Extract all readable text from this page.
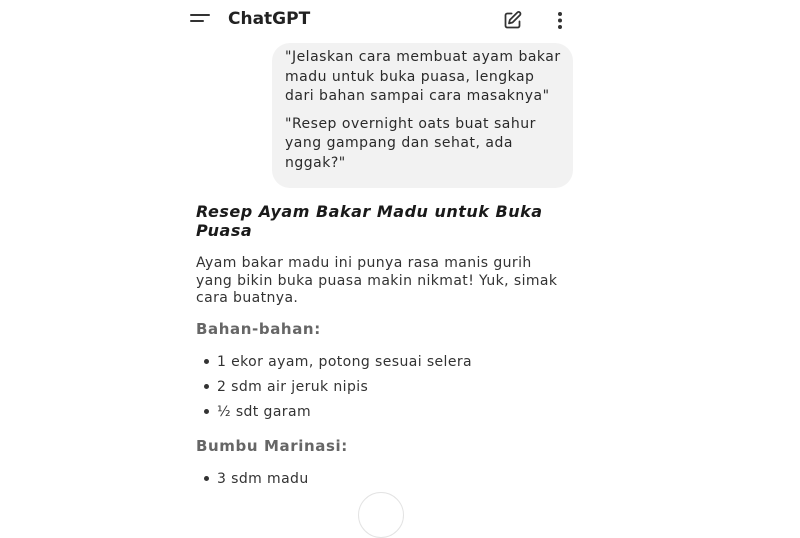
ChatGPT

"Jelaskan cara membuat ayam bakar madu untuk buka puasa, lengkap dari bahan sampai cara masaknya"

"Resep overnight oats buat sahur yang gampang dan sehat, ada nggak?"

Resep Ayam Bakar Madu untuk Buka Puasa
Ayam bakar madu ini punya rasa manis gurih yang bikin buka puasa makin nikmat! Yuk, simak cara buatnya.
Bahan-bahan:
1 ekor ayam, potong sesuai selera
2 sdm air jeruk nipis
½ sdt garam
Bumbu Marinasi:
3 sdm madu
